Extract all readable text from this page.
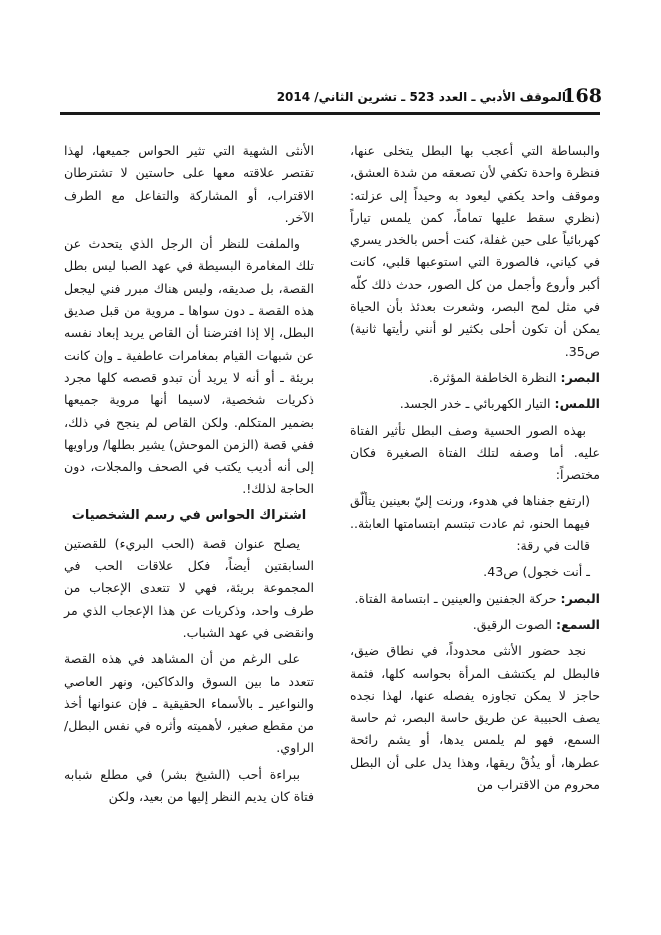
168
الموقف الأدبي ـ العدد 523 ـ تشرين الثاني/ 2014

والبساطة التي أعجب بها البطل يتخلى عنها، فنظرة واحدة تكفي لأن تصعقه من شدة العشق، وموقف واحد يكفي ليعود به وحيداً إلى عزلته: (نظري سقط عليها تماماً، كمن يلمس تياراً كهربائياً على حين غفلة، كنت أحس بالخدر يسري في كياني، فالصورة التي استوعبها قلبي، كانت أكبر وأروع وأجمل من كل الصور، حدث ذلك كلّه في مثل لمح البصر، وشعرت بعدئذ بأن الحياة يمكن أن تكون أحلى بكثير لو أنني رأيتها ثانية) ص35.

البصر: النظرة الخاطفة المؤثرة.

اللمس: التيار الكهربائي ـ خدر الجسد.

بهذه الصور الحسية وصف البطل تأثير الفتاة عليه. أما وصفه لتلك الفتاة الصغيرة فكان مختصراً:

(ارتفع جفناها في هدوء، ورنت إليّ بعينين يتألّق فيهما الحنو، ثم عادت تبتسم ابتسامتها العابثة.. قالت في رقة:

ـ أنت خجول) ص43.

البصر: حركة الجفنين والعينين ـ ابتسامة الفتاة.

السمع: الصوت الرقيق.

نجد حضور الأنثى محدوداً، في نطاق ضيق، فالبطل لم يكتشف المرأة بحواسه كلها، فثمة حاجز لا يمكن تجاوزه يفصله عنها، لهذا نجده يصف الحبيبة عن طريق حاسة البصر، ثم حاسة السمع، فهو لم يلمس يدها، أو يشم رائحة عطرها، أو يذُقْ ريقها، وهذا يدل على أن البطل محروم من الاقتراب من

الأنثى الشهية التي تثير الحواس جميعها، لهذا تقتصر علاقته معها على حاستين لا تشترطان الاقتراب، أو المشاركة والتفاعل مع الطرف الآخر.

والملفت للنظر أن الرجل الذي يتحدث عن تلك المغامرة البسيطة في عهد الصبا ليس بطل القصة، بل صديقه، وليس هناك مبرر فني ليجعل هذه القصة ـ دون سواها ـ مروية من قبل صديق البطل، إلا إذا افترضنا أن القاص يريد إبعاد نفسه عن شبهات القيام بمغامرات عاطفية ـ وإن كانت بريئة ـ أو أنه لا يريد أن تبدو قصصه كلها مجرد ذكريات شخصية، لاسيما أنها مروية جميعها بضمير المتكلم. ولكن القاص لم ينجح في ذلك، ففي قصة (الزمن الموحش) يشير بطلها/ وراويها إلى أنه أديب يكتب في الصحف والمجلات، دون الحاجة لذلك!.

اشتراك الحواس في رسم الشخصيات

يصلح عنوان قصة (الحب البريء) للقصتين السابقتين أيضاً، فكل علاقات الحب في المجموعة بريئة، فهي لا تتعدى الإعجاب من طرف واحد، وذكريات عن هذا الإعجاب الذي مر وانقضى في عهد الشباب.

على الرغم من أن المشاهد في هذه القصة تتعدد ما بين السوق والدكاكين، ونهر العاصي والنواعير ـ بالأسماء الحقيقية ـ فإن عنوانها أخذ من مقطع صغير، لأهميته وأثره في نفس البطل/ الراوي.

ببراءة أحب (الشيخ بشر) في مطلع شبابه فتاة كان يديم النظر إليها من بعيد، ولكن
